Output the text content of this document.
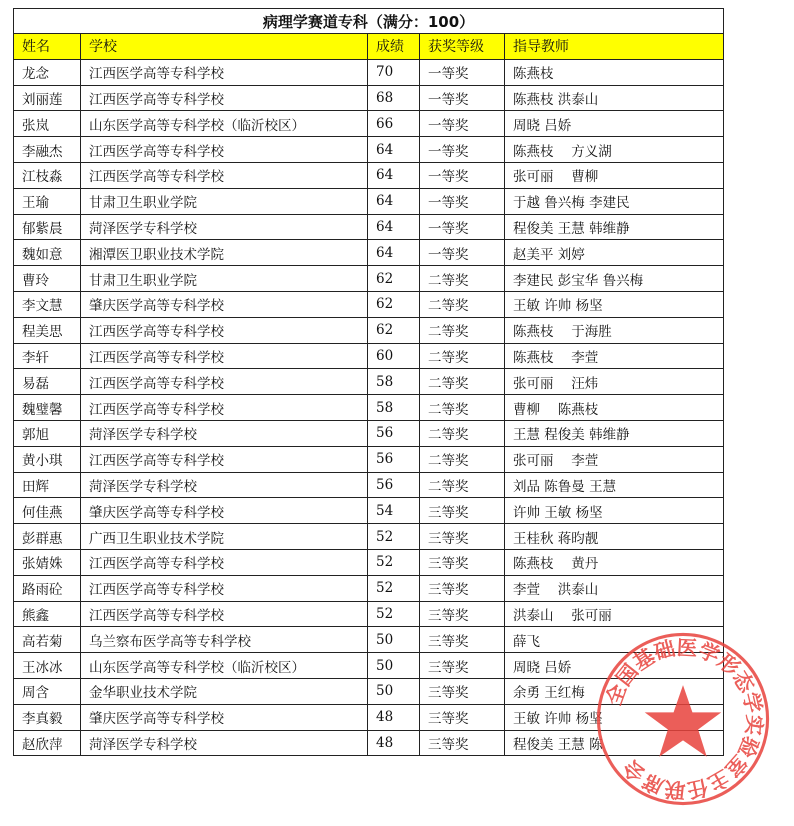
病理学赛道专科（满分：100）				
姓名	学校	成绩	获奖等级	指导教师
龙念	江西医学高等专科学校	70	一等奖	陈燕枝
刘丽莲	江西医学高等专科学校	68	一等奖	陈燕枝 洪泰山
张岚	山东医学高等专科学校（临沂校区）	66	一等奖	周晓 吕娇
李融杰	江西医学高等专科学校	64	一等奖	陈燕枝　 方义湖
江枝淼	江西医学高等专科学校	64	一等奖	张可丽　 曹柳
王瑜	甘肃卫生职业学院	64	一等奖	于越 鲁兴梅 李建民
郁紫晨	菏泽医学专科学校	64	一等奖	程俊美 王慧 韩维静
魏如意	湘潭医卫职业技术学院	64	一等奖	赵美平 刘婷
曹玲	甘肃卫生职业学院	62	二等奖	李建民 彭宝华 鲁兴梅
李文慧	肇庆医学高等专科学校	62	二等奖	王敏 许帅 杨坚
程美思	江西医学高等专科学校	62	二等奖	陈燕枝　 于海胜
李轩	江西医学高等专科学校	60	二等奖	陈燕枝　 李萱
易磊	江西医学高等专科学校	58	二等奖	张可丽　 汪炜
魏璧馨	江西医学高等专科学校	58	二等奖	曹柳　 陈燕枝
郭旭	菏泽医学专科学校	56	二等奖	王慧 程俊美 韩维静
黄小琪	江西医学高等专科学校	56	二等奖	张可丽　 李萱
田辉	菏泽医学专科学校	56	二等奖	刘品 陈鲁曼 王慧
何佳燕	肇庆医学高等专科学校	54	三等奖	许帅 王敏 杨坚
彭群惠	广西卫生职业技术学院	52	三等奖	王桂秋 蒋昀靓
张婧姝	江西医学高等专科学校	52	三等奖	陈燕枝　 黄丹
路雨砼	江西医学高等专科学校	52	三等奖	李萱　 洪泰山
熊鑫	江西医学高等专科学校	52	三等奖	洪泰山　 张可丽
高若菊	乌兰察布医学高等专科学校	50	三等奖	薛飞
王冰冰	山东医学高等专科学校（临沂校区）	50	三等奖	周晓 吕娇
周含	金华职业技术学院	50	三等奖	余勇 王红梅
李真毅	肇庆医学高等专科学校	48	三等奖	王敏 许帅 杨坚
赵欣萍	菏泽医学专科学校	48	三等奖	程俊美 王慧 陈
全国基础医学形态学实验室主任联席会
